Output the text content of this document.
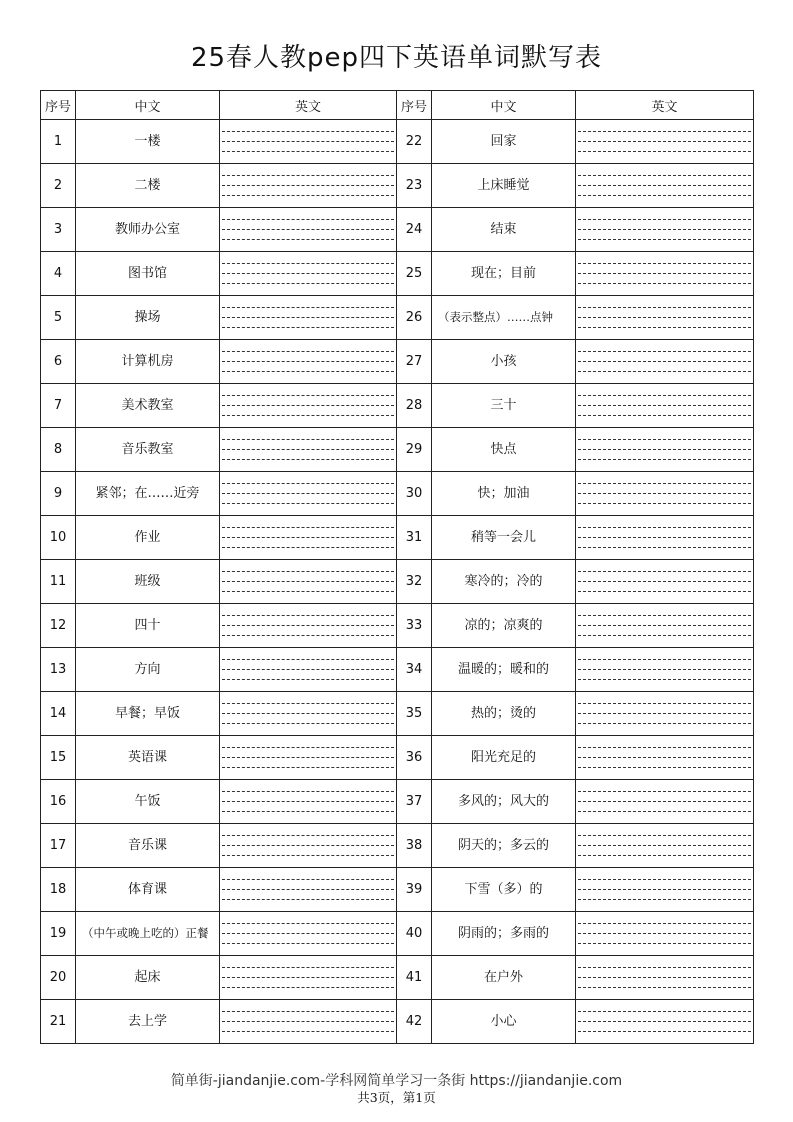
25春人教pep四下英语单词默写表
序号	中文	英文	序号	中文	英文
1	一楼		22	回家	

2	二楼		23	上床睡觉	

3	教师办公室		24	结束	

4	图书馆		25	现在；目前	

5	操场		26	（表示整点）……点钟	

6	计算机房		27	小孩	

7	美术教室		28	三十	

8	音乐教室		29	快点	

9	紧邻；在……近旁		30	快；加油	

10	作业		31	稍等一会儿	

11	班级		32	寒冷的；冷的	

12	四十		33	凉的；凉爽的	

13	方向		34	温暖的；暖和的	

14	早餐；早饭		35	热的；烫的	

15	英语课		36	阳光充足的	

16	午饭		37	多风的；风大的	

17	音乐课		38	阴天的；多云的	

18	体育课		39	下雪（多）的	

19	（中午或晚上吃的）正餐		40	阴雨的；多雨的	

20	起床		41	在户外	

21	去上学		42	小心	
简单街-jiandanjie.com-学科网简单学习一条街 https://jiandanjie.com
共3页，第1页
